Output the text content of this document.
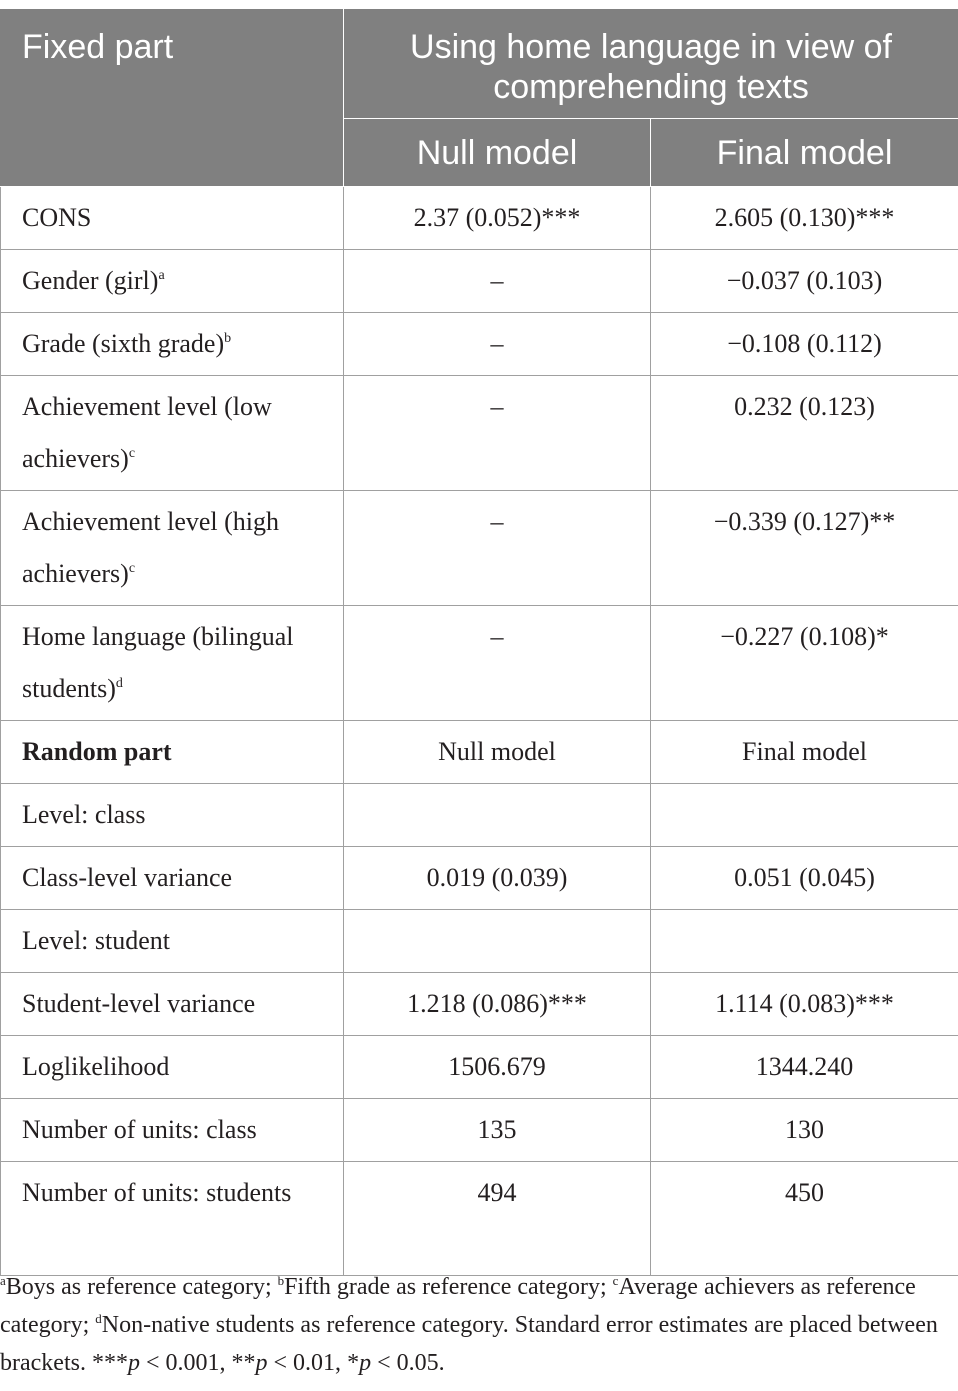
Fixed part	Using home language in view of comprehending texts	
	Null model	Final model
CONS	2.37 (0.052)***	2.605 (0.130)***
Gender (girl)$^a$	–	−0.037 (0.103)
Grade (sixth grade)$^b$	–	−0.108 (0.112)
Achievement level (low achievers)$^c$	–	0.232 (0.123)
Achievement level (high achievers)$^c$	–	−0.339 (0.127)**
Home language (bilingual students)$^d$	–	−0.227 (0.108)*
Random part	Null model	Final model
Level: class		
Class-level variance	0.019 (0.039)	0.051 (0.045)
Level: student		
Student-level variance	1.218 (0.086)***	1.114 (0.083)***
Loglikelihood	1506.679	1344.240
Number of units: class	135	130
Number of units: students	494	450

$^a$Boys as reference category; $^b$Fifth grade as reference category; $^c$Average achievers as reference category; $^d$Non-native students as reference category. Standard error estimates are placed between brackets. ***p < 0.001, **p < 0.01, *p < 0.05.
